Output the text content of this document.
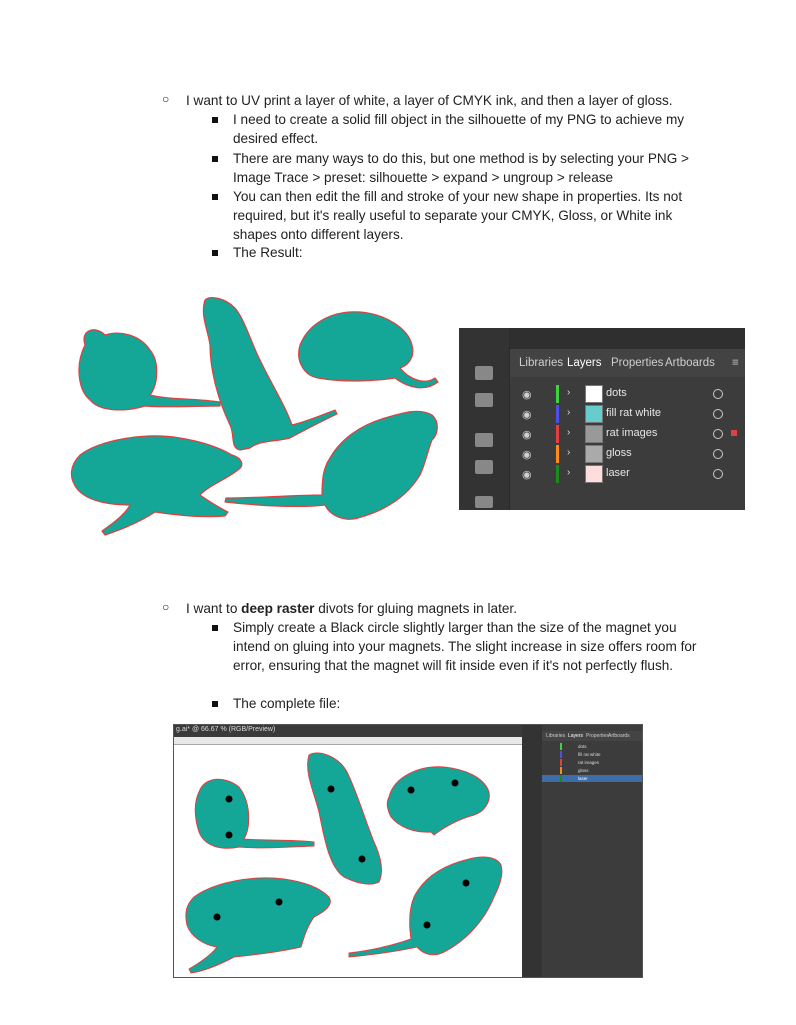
○ I want to UV print a layer of white, a layer of CMYK ink, and then a layer of gloss.
I need to create a solid fill object in the silhouette of my PNG to achieve my desired effect.
There are many ways to do this, but one method is by selecting your PNG > Image Trace > preset: silhouette > expand > ungroup > release
You can then edit the fill and stroke of your new shape in properties. Its not required, but it's really useful to separate your CMYK, Gloss, or White ink shapes onto different layers.
The Result:
Libraries Layers Properties Artboards ≡
◉	›	dots
◉	›	fill rat white
◉	›	rat images
◉	›	gloss
◉	›	laser
○ I want to deep raster divots for gluing magnets in later.
Simply create a Black circle slightly larger than the size of the magnet you intend on gluing into your magnets. The slight increase in size offers room for error, ensuring that the magnet will fit inside even if it's not perfectly flush.
The complete file:
g.ai* @ 66.67 % (RGB/Preview)
Libraries Layers Properties Artboards
dots
fill rat white
rat images
gloss
laser
